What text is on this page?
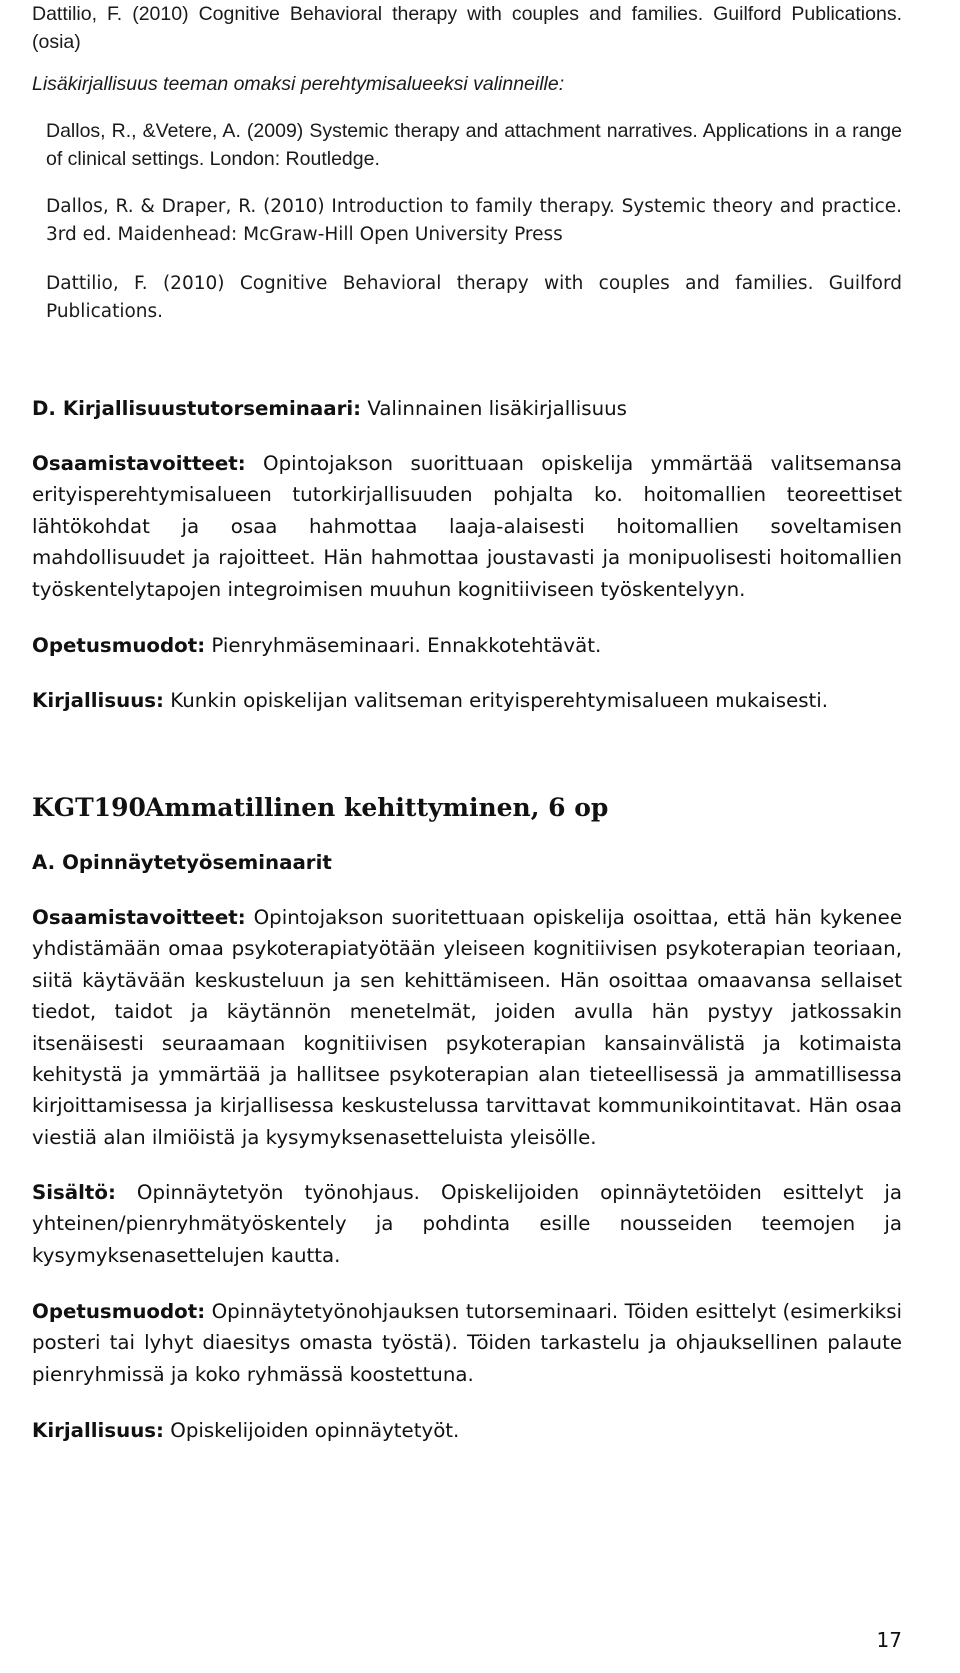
Dattilio, F. (2010) Cognitive Behavioral therapy with couples and families. Guilford Publications. (osia)

Lisäkirjallisuus teeman omaksi perehtymisalueeksi valinneille:

Dallos, R., &Vetere, A. (2009) Systemic therapy and attachment narratives. Applications in a range of clinical settings. London: Routledge.

Dallos, R. & Draper, R. (2010) Introduction to family therapy. Systemic theory and practice. 3rd ed. Maidenhead: McGraw-Hill Open University Press

Dattilio, F. (2010) Cognitive Behavioral therapy with couples and families. Guilford Publications.

D. Kirjallisuustutorseminaari: Valinnainen lisäkirjallisuus

Osaamistavoitteet: Opintojakson suorittuaan opiskelija ymmärtää valitsemansa erityisperehtymisalueen tutorkirjallisuuden pohjalta ko. hoitomallien teoreettiset lähtökohdat ja osaa hahmottaa laaja-alaisesti hoitomallien soveltamisen mahdollisuudet ja rajoitteet. Hän hahmottaa joustavasti ja monipuolisesti hoitomallien työskentelytapojen integroimisen muuhun kognitiiviseen työskentelyyn.

Opetusmuodot: Pienryhmäseminaari. Ennakkotehtävät.

Kirjallisuus: Kunkin opiskelijan valitseman erityisperehtymisalueen mukaisesti.

KGT190Ammatillinen kehittyminen, 6 op

A. Opinnäytetyöseminaarit

Osaamistavoitteet: Opintojakson suoritettuaan opiskelija osoittaa, että hän kykenee yhdistämään omaa psykoterapiatyötään yleiseen kognitiivisen psykoterapian teoriaan, siitä käytävään keskusteluun ja sen kehittämiseen. Hän osoittaa omaavansa sellaiset tiedot, taidot ja käytännön menetelmät, joiden avulla hän pystyy jatkossakin itsenäisesti seuraamaan kognitiivisen psykoterapian kansainvälistä ja kotimaista kehitystä ja ymmärtää ja hallitsee psykoterapian alan tieteellisessä ja ammatillisessa kirjoittamisessa ja kirjallisessa keskustelussa tarvittavat kommunikointitavat. Hän osaa viestiä alan ilmiöistä ja kysymyksenasetteluista yleisölle.

Sisältö: Opinnäytetyön työnohjaus. Opiskelijoiden opinnäytetöiden esittelyt ja yhteinen/pienryhmätyöskentely ja pohdinta esille nousseiden teemojen ja kysymyksenasettelujen kautta.

Opetusmuodot: Opinnäytetyönohjauksen tutorseminaari. Töiden esittelyt (esimerkiksi posteri tai lyhyt diaesitys omasta työstä). Töiden tarkastelu ja ohjauksellinen palaute pienryhmissä ja koko ryhmässä koostettuna.

Kirjallisuus: Opiskelijoiden opinnäytetyöt.

17
